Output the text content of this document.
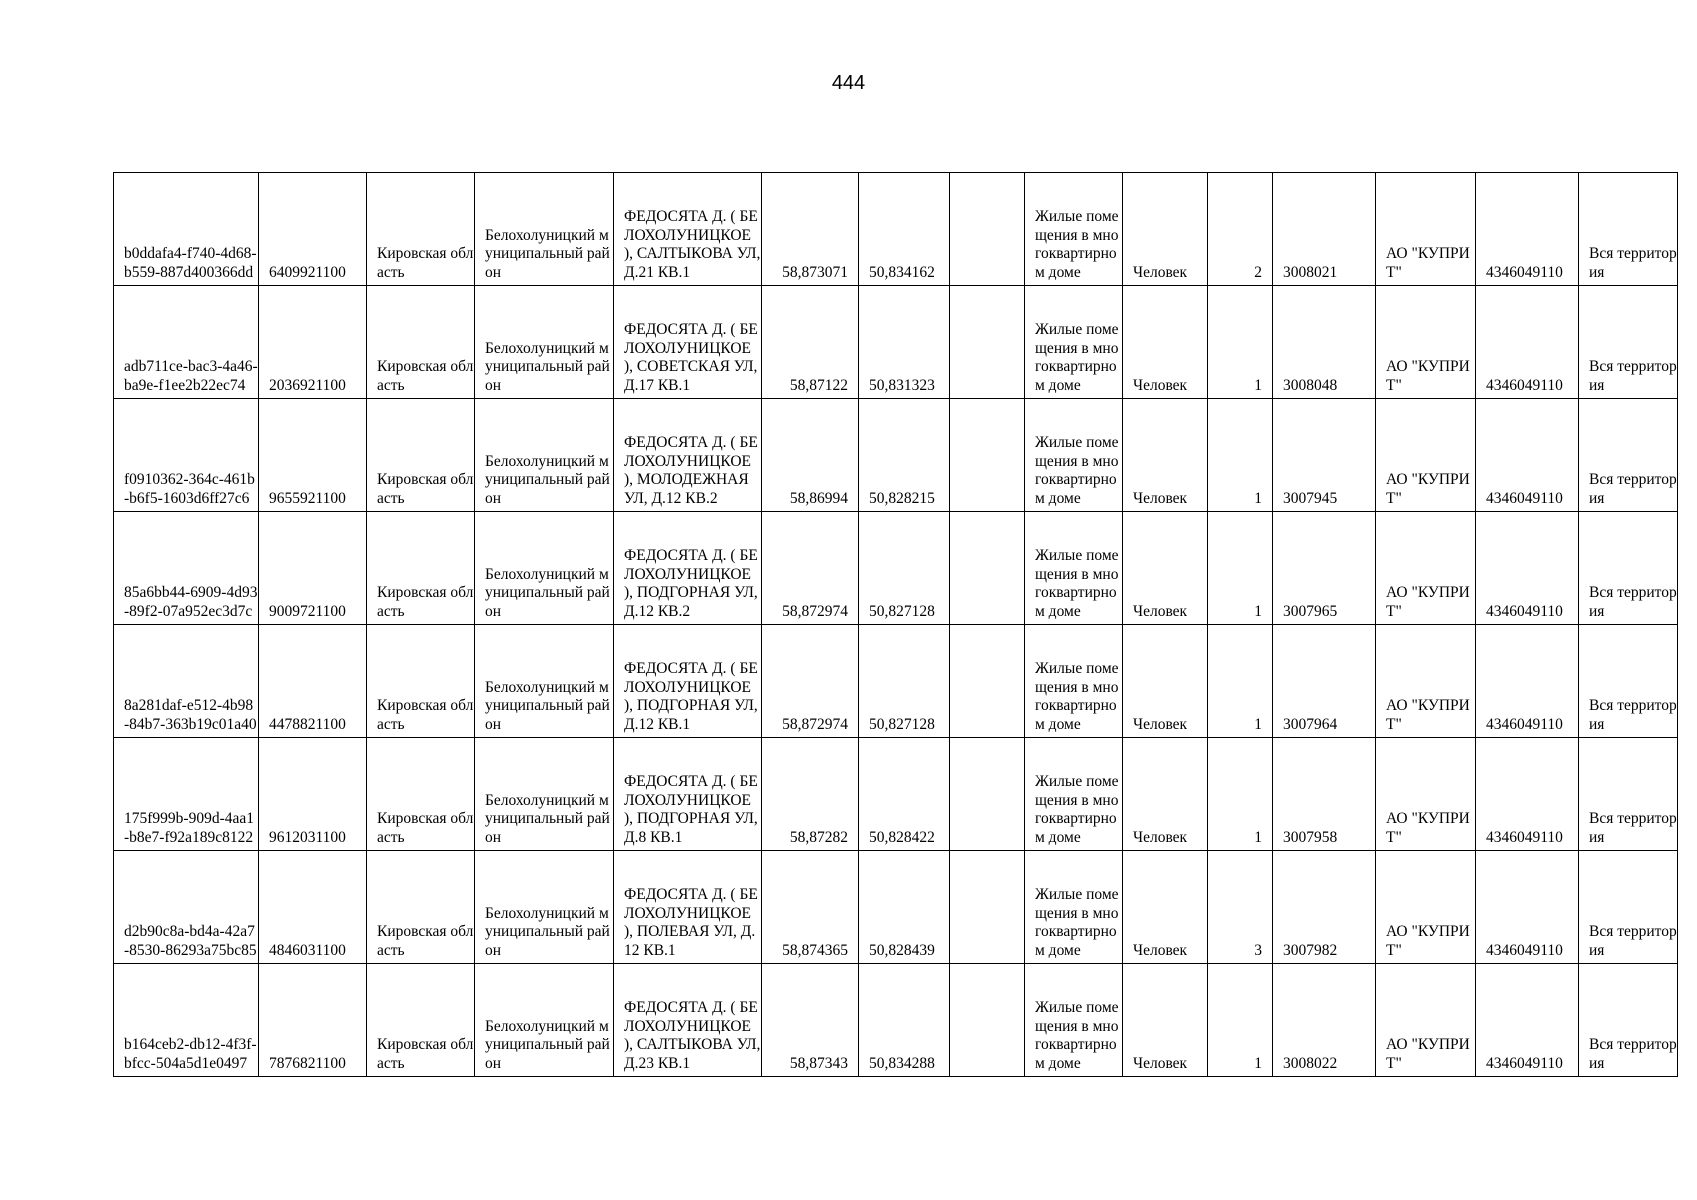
444
b0ddafa4-f740-4d68-b559-887d400366dd	6409921100	Кировская область	Белохолуницкий муниципальный район	ФЕДОСЯТА Д. ( БЕЛОХОЛУНИЦКОЕ ), САЛТЫКОВА УЛ, Д.21 КВ.1	58,873071	50,834162		Жилые помещения в многоквартирном доме	Человек	2	3008021	АО "КУПРИТ"	4346049110	Вся территория
adb711ce-bac3-4a46-ba9e-f1ee2b22ec74	2036921100	Кировская область	Белохолуницкий муниципальный район	ФЕДОСЯТА Д. ( БЕЛОХОЛУНИЦКОЕ ), СОВЕТСКАЯ УЛ, Д.17 КВ.1	58,87122	50,831323		Жилые помещения в многоквартирном доме	Человек	1	3008048	АО "КУПРИТ"	4346049110	Вся территория
f0910362-364c-461b-b6f5-1603d6ff27c6	9655921100	Кировская область	Белохолуницкий муниципальный район	ФЕДОСЯТА Д. ( БЕЛОХОЛУНИЦКОЕ ), МОЛОДЕЖНАЯ УЛ, Д.12 КВ.2	58,86994	50,828215		Жилые помещения в многоквартирном доме	Человек	1	3007945	АО "КУПРИТ"	4346049110	Вся территория
85a6bb44-6909-4d93-89f2-07a952ec3d7c	9009721100	Кировская область	Белохолуницкий муниципальный район	ФЕДОСЯТА Д. ( БЕЛОХОЛУНИЦКОЕ ), ПОДГОРНАЯ УЛ, Д.12 КВ.2	58,872974	50,827128		Жилые помещения в многоквартирном доме	Человек	1	3007965	АО "КУПРИТ"	4346049110	Вся территория
8a281daf-e512-4b98-84b7-363b19c01a40	4478821100	Кировская область	Белохолуницкий муниципальный район	ФЕДОСЯТА Д. ( БЕЛОХОЛУНИЦКОЕ ), ПОДГОРНАЯ УЛ, Д.12 КВ.1	58,872974	50,827128		Жилые помещения в многоквартирном доме	Человек	1	3007964	АО "КУПРИТ"	4346049110	Вся территория
175f999b-909d-4aa1-b8e7-f92a189c8122	9612031100	Кировская область	Белохолуницкий муниципальный район	ФЕДОСЯТА Д. ( БЕЛОХОЛУНИЦКОЕ ), ПОДГОРНАЯ УЛ, Д.8 КВ.1	58,87282	50,828422		Жилые помещения в многоквартирном доме	Человек	1	3007958	АО "КУПРИТ"	4346049110	Вся территория
d2b90c8a-bd4a-42a7-8530-86293a75bc85	4846031100	Кировская область	Белохолуницкий муниципальный район	ФЕДОСЯТА Д. ( БЕЛОХОЛУНИЦКОЕ ), ПОЛЕВАЯ УЛ, Д.12 КВ.1	58,874365	50,828439		Жилые помещения в многоквартирном доме	Человек	3	3007982	АО "КУПРИТ"	4346049110	Вся территория
b164ceb2-db12-4f3f-bfcc-504a5d1e0497	7876821100	Кировская область	Белохолуницкий муниципальный район	ФЕДОСЯТА Д. ( БЕЛОХОЛУНИЦКОЕ ), САЛТЫКОВА УЛ, Д.23 КВ.1	58,87343	50,834288		Жилые помещения в многоквартирном доме	Человек	1	3008022	АО "КУПРИТ"	4346049110	Вся территория
